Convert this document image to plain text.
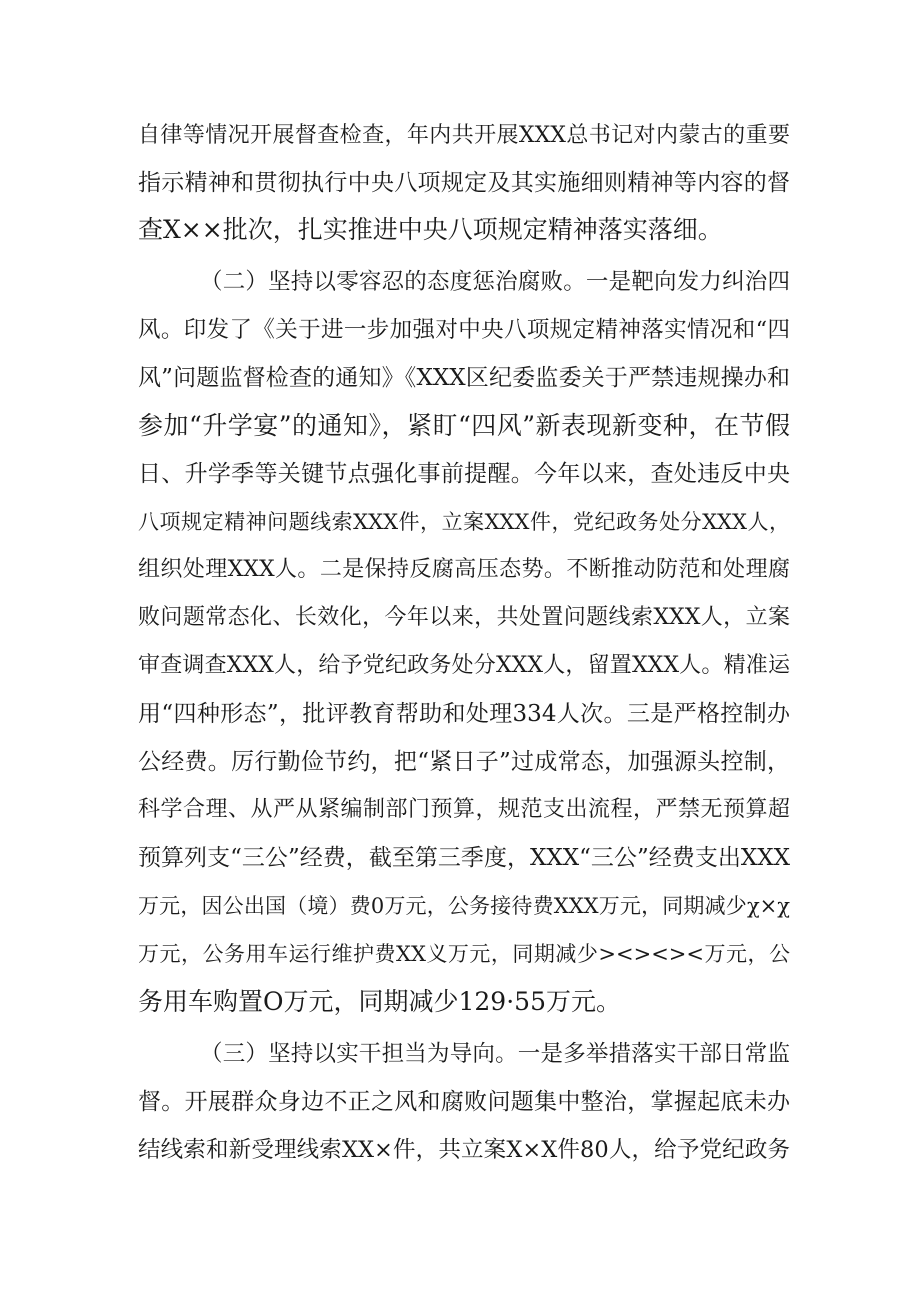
自律等情况开展督查检查，年内共开展XXX总书记对内蒙古的重要
指示精神和贯彻执行中央八项规定及其实施细则精神等内容的督
查X××批次，扎实推进中央八项规定精神落实落细。
（二）坚持以零容忍的态度惩治腐败。一是靶向发力纠治四
风。印发了《关于进一步加强对中央八项规定精神落实情况和“四
风”问题监督检查的通知》《XXX区纪委监委关于严禁违规操办和
参加“升学宴”的通知》，紧盯“四风”新表现新变种，在节假
日、升学季等关键节点强化事前提醒。今年以来，查处违反中央
八项规定精神问题线索XXX件，立案XXX件，党纪政务处分XXX人，
组织处理XXX人。二是保持反腐高压态势。不断推动防范和处理腐
败问题常态化、长效化，今年以来，共处置问题线索XXX人，立案
审查调查XXX人，给予党纪政务处分XXX人，留置XXX人。精准运
用“四种形态”，批评教育帮助和处理334人次。三是严格控制办
公经费。厉行勤俭节约，把“紧日子”过成常态，加强源头控制，
科学合理、从严从紧编制部门预算，规范支出流程，严禁无预算超
预算列支“三公”经费，截至第三季度，XXX“三公”经费支出XXX
万元，因公出国（境）费0万元，公务接待费XXX万元，同期减少χ×χ
万元，公务用车运行维护费XX义万元，同期减少><><><万元，公
务用车购置O万元，同期减少129·55万元。
（三）坚持以实干担当为导向。一是多举措落实干部日常监
督。开展群众身边不正之风和腐败问题集中整治，掌握起底未办
结线索和新受理线索XX×件，共立案X×X件80人，给予党纪政务
